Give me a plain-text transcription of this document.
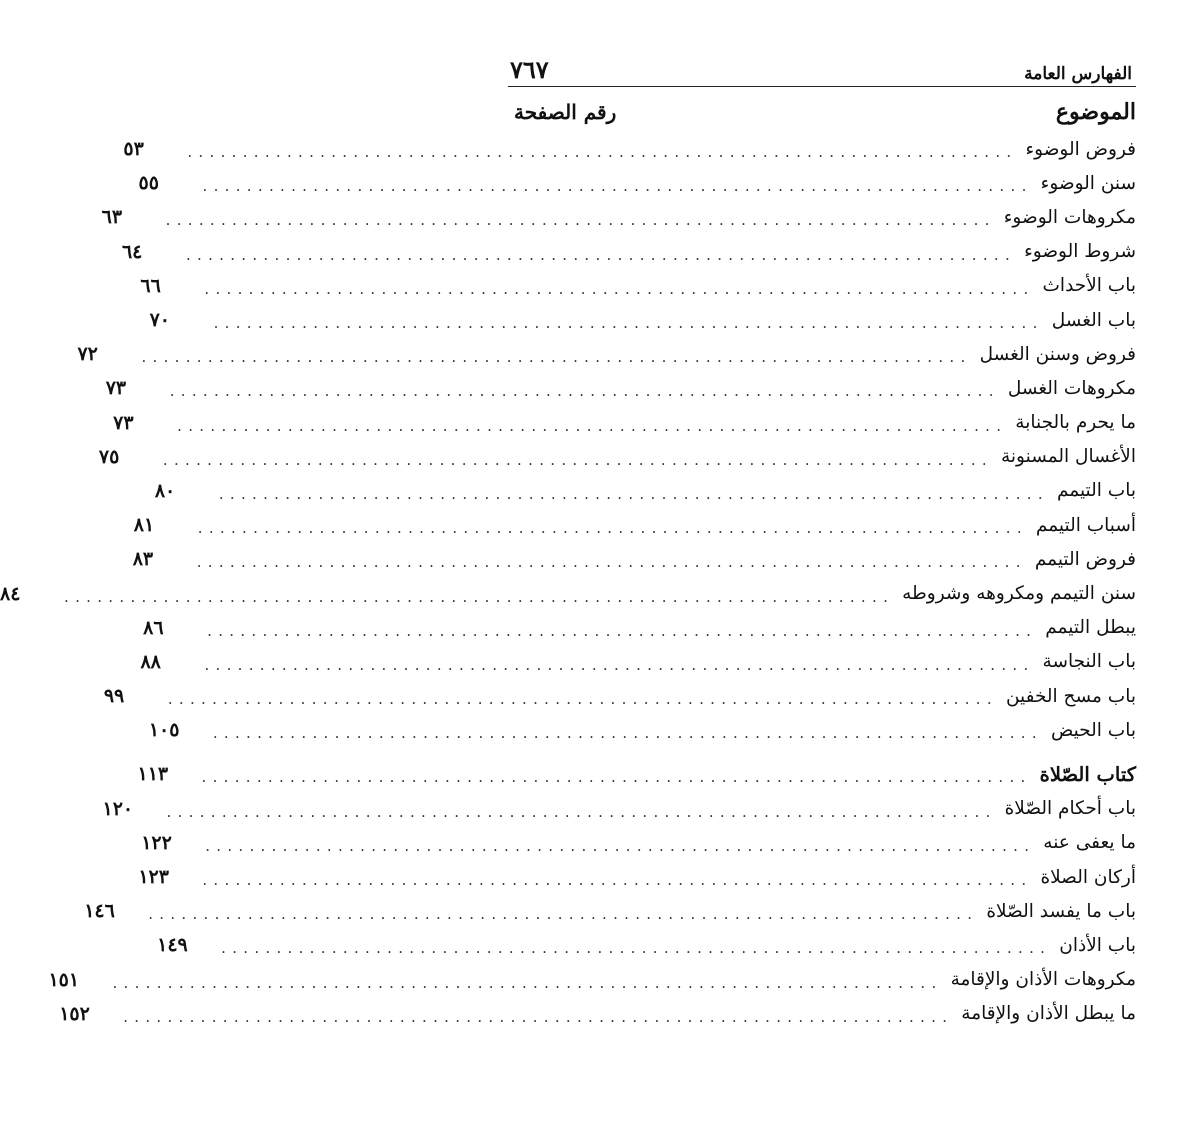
الفهارس العامة
٧٦٧
الموضوع
رقم الصفحة
فروض الوضوء
...........................................................................
٥٣
سنن الوضوء
...........................................................................
٥٥
مكروهات الوضوء
...........................................................................
٦٣
شروط الوضوء
...........................................................................
٦٤
باب الأحداث
...........................................................................
٦٦
باب الغسل
...........................................................................
٧٠
فروض وسنن الغسل
...........................................................................
٧٢
مكروهات الغسل
...........................................................................
٧٣
ما يحرم بالجنابة
...........................................................................
٧٣
الأغسال المسنونة
...........................................................................
٧٥
باب التيمم
...........................................................................
٨٠
أسباب التيمم
...........................................................................
٨١
فروض التيمم
...........................................................................
٨٣
سنن التيمم ومكروهه وشروطه
...........................................................................
٨٤
يبطل التيمم
...........................................................................
٨٦
باب النجاسة
...........................................................................
٨٨
باب مسح الخفين
...........................................................................
٩٩
باب الحيض
...........................................................................
١٠٥
كتاب الصّلاة
...........................................................................
١١٣
باب أحكام الصّلاة
...........................................................................
١٢٠
ما يعفى عنه
...........................................................................
١٢٢
أركان الصلاة
...........................................................................
١٢٣
باب ما يفسد الصّلاة
...........................................................................
١٤٦
باب الأذان
...........................................................................
١٤٩
مكروهات الأذان والإقامة
...........................................................................
١٥١
ما يبطل الأذان والإقامة
...........................................................................
١٥٢
